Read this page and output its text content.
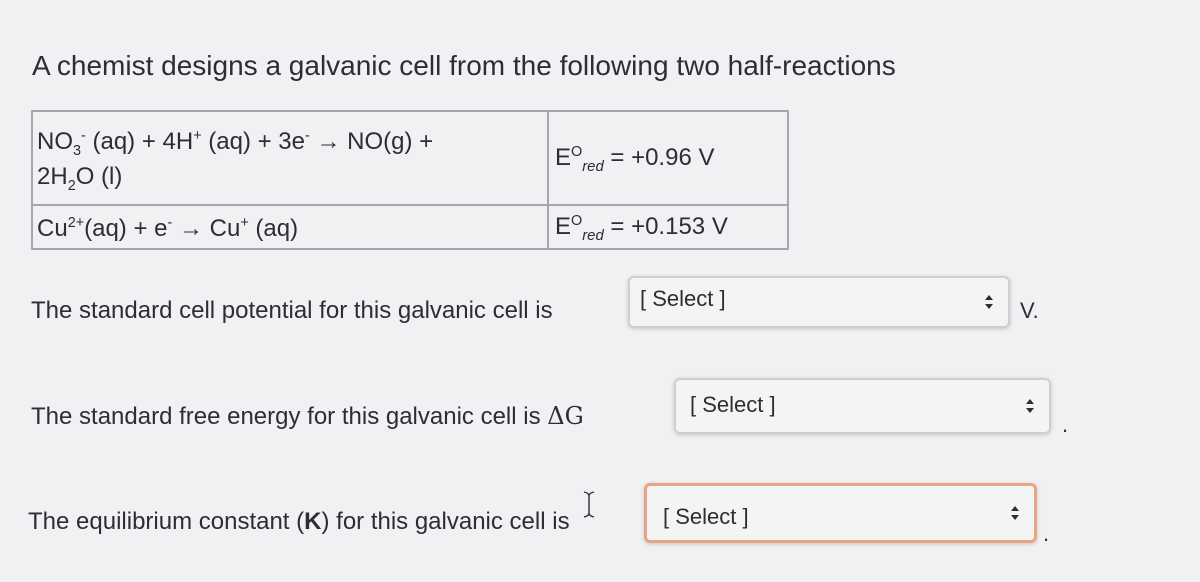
A chemist designs a galvanic cell from the following two half-reactions
$NO_3^-$ (aq) + 4H+ (aq) + 3e- → NO(g) +
$2H_2O$ (l)	$E^O_{red} = +0.96$ V
$Cu^{2+}(aq) + e^- \to Cu^+$ (aq)	$E^O_{red} = +0.153$ V
The standard cell potential for this galvanic cell is	[ Select ]	V.
The standard free energy for this galvanic cell is ΔG	[ Select ]
.
The equilibrium constant (K) for this galvanic cell is	[ Select ]
.
